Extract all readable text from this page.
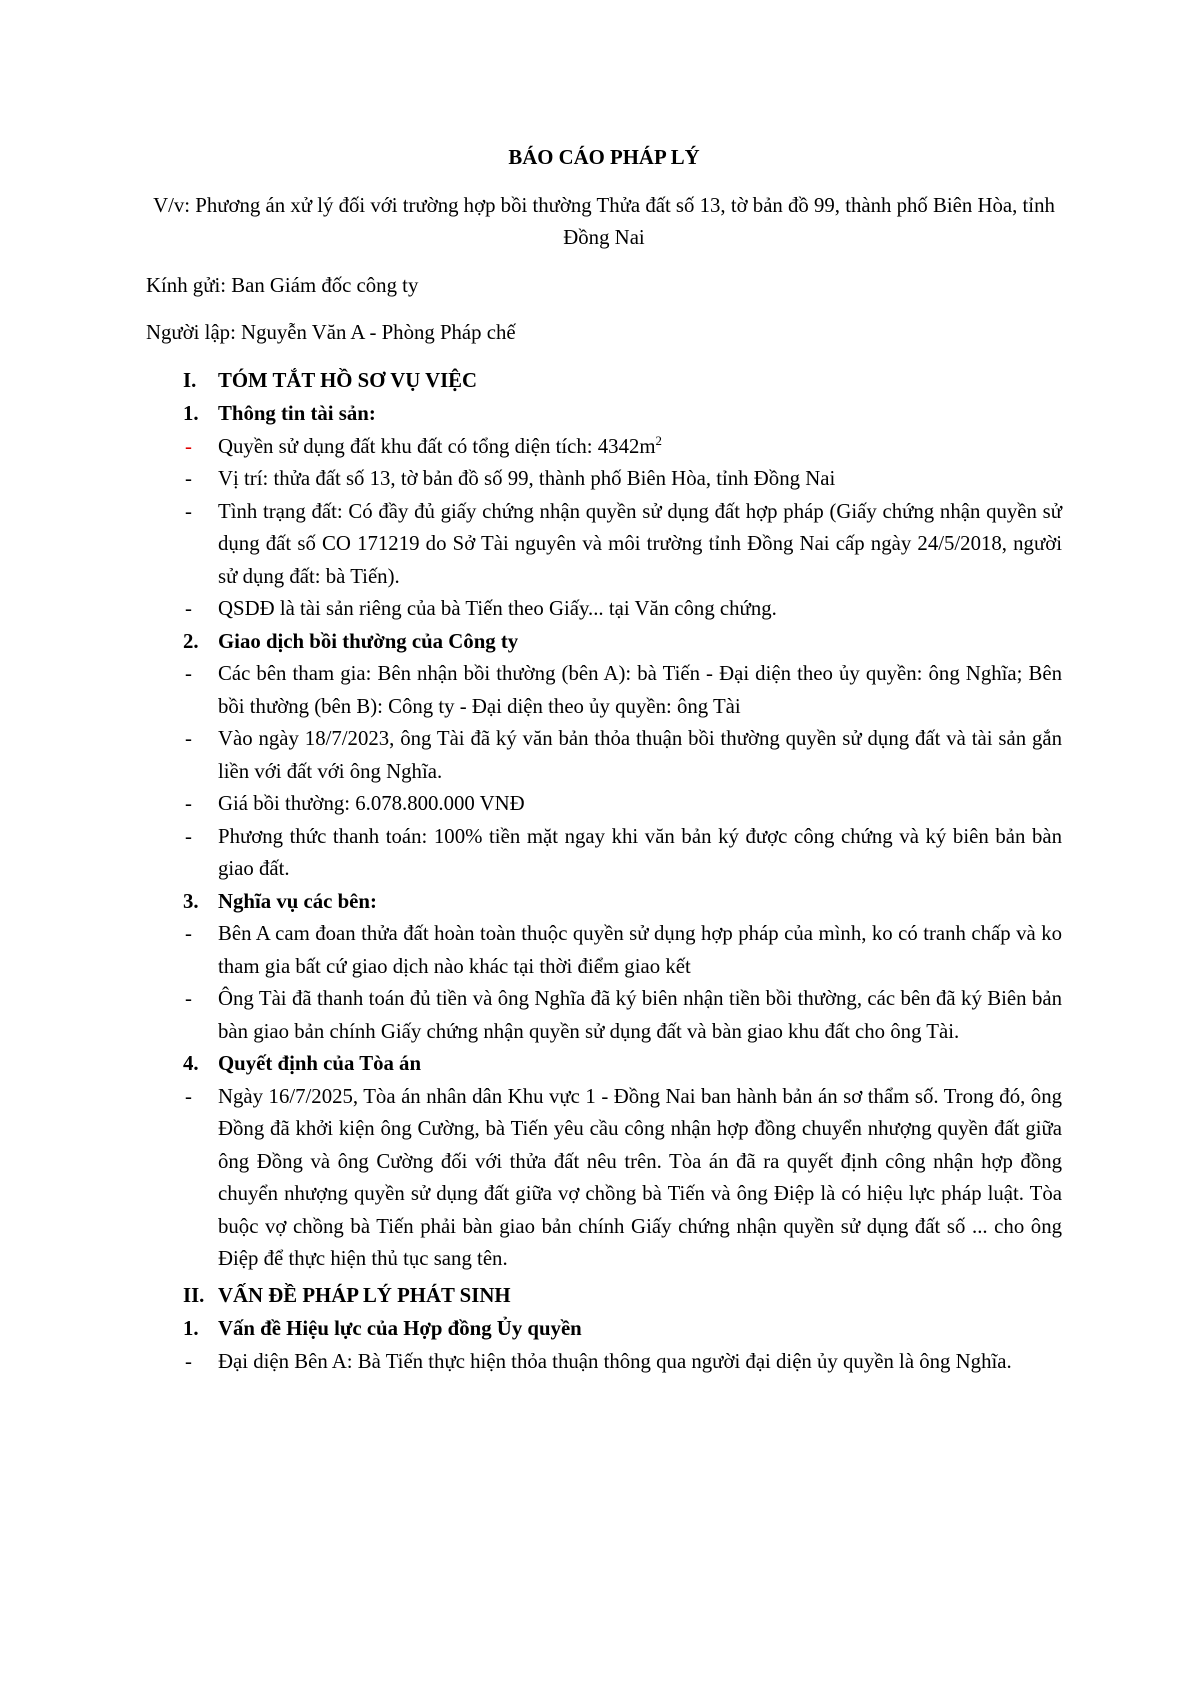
BÁO CÁO PHÁP LÝ

V/v: Phương án xử lý đối với trường hợp bồi thường Thửa đất số 13, tờ bản đồ 99, thành phố Biên Hòa, tỉnh Đồng Nai

Kính gửi: Ban Giám đốc công ty

Người lập: Nguyễn Văn A - Phòng Pháp chế

I. TÓM TẮT HỒ SƠ VỤ VIỆC
1. Thông tin tài sản:
- Quyền sử dụng đất khu đất có tổng diện tích: $4342m^2$
- Vị trí: thửa đất số 13, tờ bản đồ số 99, thành phố Biên Hòa, tỉnh Đồng Nai
- Tình trạng đất: Có đầy đủ giấy chứng nhận quyền sử dụng đất hợp pháp (Giấy chứng nhận quyền sử dụng đất số CO 171219 do Sở Tài nguyên và môi trường tỉnh Đồng Nai cấp ngày 24/5/2018, người sử dụng đất: bà Tiến).
- QSDĐ là tài sản riêng của bà Tiến theo Giấy... tại Văn công chứng.
2. Giao dịch bồi thường của Công ty
- Các bên tham gia: Bên nhận bồi thường (bên A): bà Tiến - Đại diện theo ủy quyền: ông Nghĩa; Bên bồi thường (bên B): Công ty - Đại diện theo ủy quyền: ông Tài
- Vào ngày 18/7/2023, ông Tài đã ký văn bản thỏa thuận bồi thường quyền sử dụng đất và tài sản gắn liền với đất với ông Nghĩa.
- Giá bồi thường: 6.078.800.000 VNĐ
- Phương thức thanh toán: 100% tiền mặt ngay khi văn bản ký được công chứng và ký biên bản bàn giao đất.
3. Nghĩa vụ các bên:
- Bên A cam đoan thửa đất hoàn toàn thuộc quyền sử dụng hợp pháp của mình, ko có tranh chấp và ko tham gia bất cứ giao dịch nào khác tại thời điểm giao kết
- Ông Tài đã thanh toán đủ tiền và ông Nghĩa đã ký biên nhận tiền bồi thường, các bên đã ký Biên bản bàn giao bản chính Giấy chứng nhận quyền sử dụng đất và bàn giao khu đất cho ông Tài.
4. Quyết định của Tòa án
- Ngày 16/7/2025, Tòa án nhân dân Khu vực 1 - Đồng Nai ban hành bản án sơ thẩm số. Trong đó, ông Đồng đã khởi kiện ông Cường, bà Tiến yêu cầu công nhận hợp đồng chuyển nhượng quyền đất giữa ông Đồng và ông Cường đối với thửa đất nêu trên. Tòa án đã ra quyết định công nhận hợp đồng chuyển nhượng quyền sử dụng đất giữa vợ chồng bà Tiến và ông Điệp là có hiệu lực pháp luật. Tòa buộc vợ chồng bà Tiến phải bàn giao bản chính Giấy chứng nhận quyền sử dụng đất số ... cho ông Điệp để thực hiện thủ tục sang tên.
II. VẤN ĐỀ PHÁP LÝ PHÁT SINH
1. Vấn đề Hiệu lực của Hợp đồng Ủy quyền
- Đại diện Bên A: Bà Tiến thực hiện thỏa thuận thông qua người đại diện ủy quyền là ông Nghĩa.
